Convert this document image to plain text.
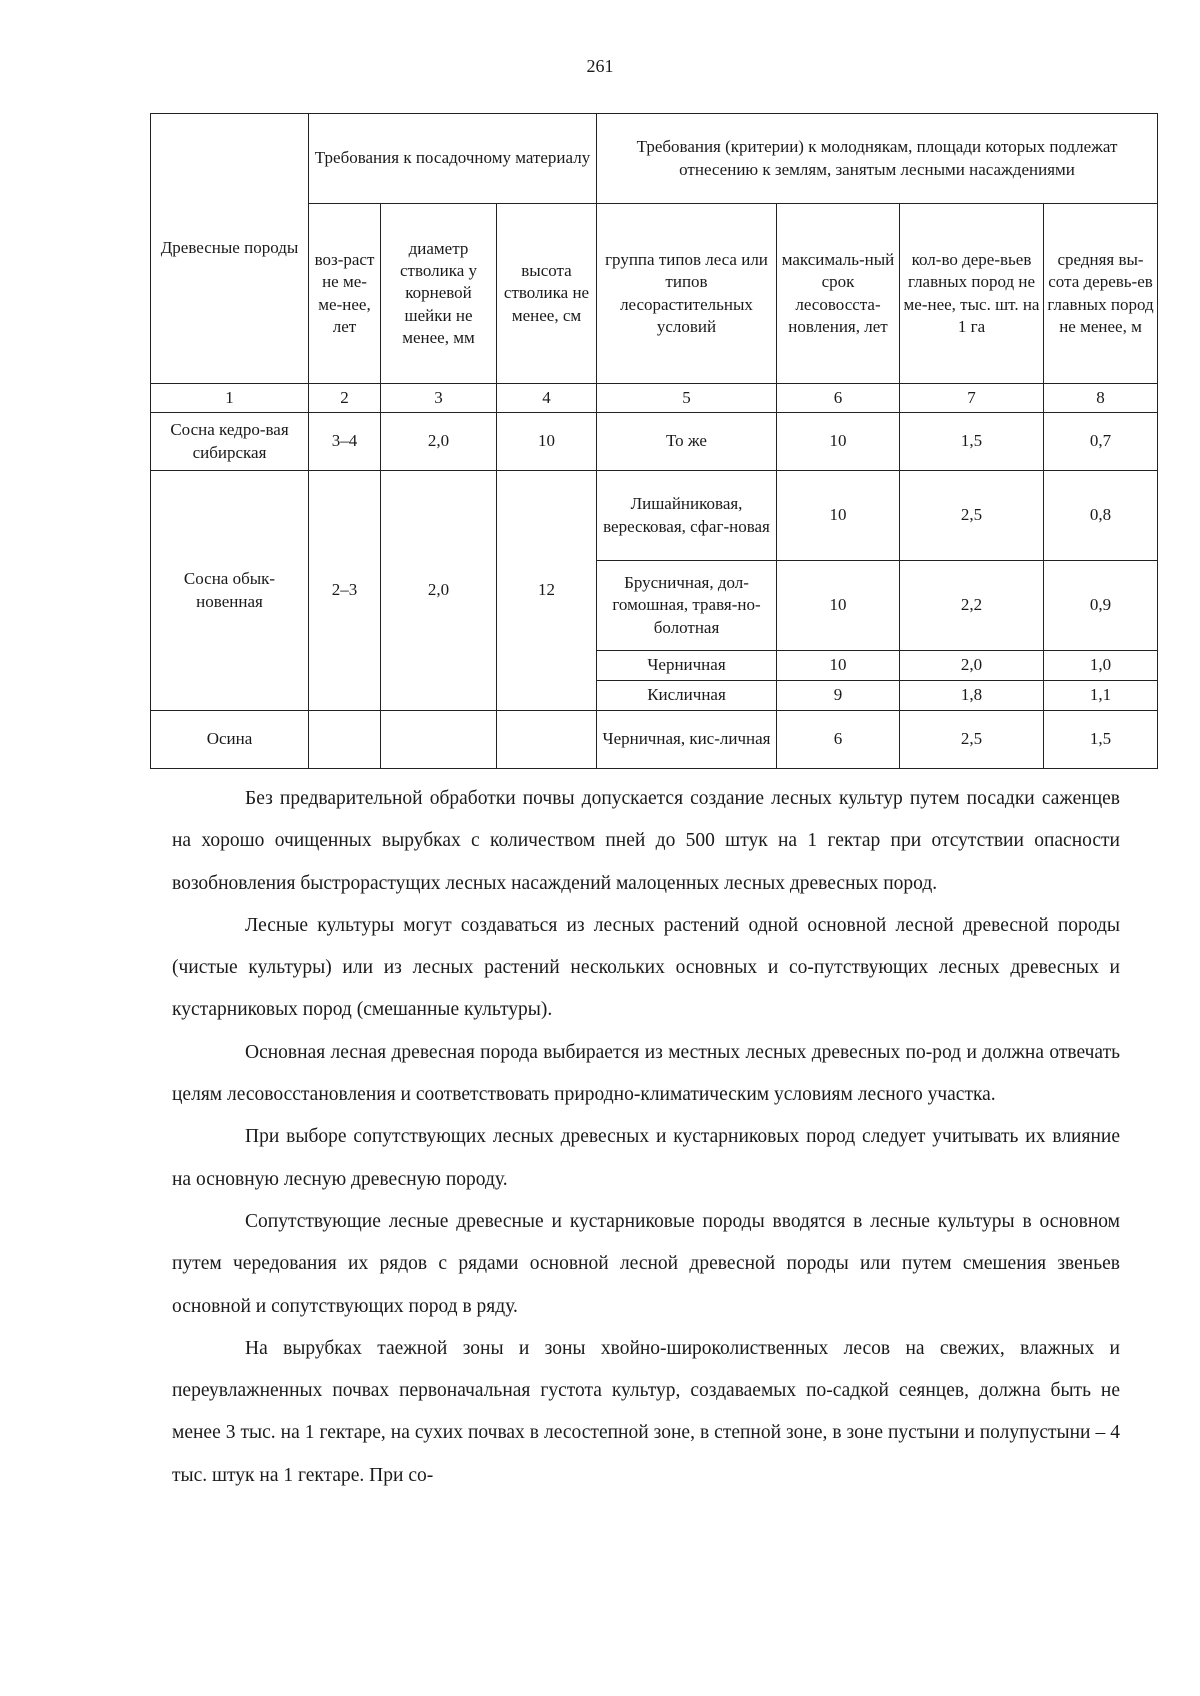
261
Древесные породы	Требования к посадочному материалу			Требования (критерии) к молоднякам, площади которых подлежат отнесению к землям, занятым лесными насаждениями			
	воз-раст не ме-ме-нее, лет	диаметр стволика у корневой шейки не менее, мм	высота стволика не менее, см	группа типов леса или типов лесорастительных условий	максималь-ный срок лесовосста-новления, лет	кол-во дере-вьев главных пород не ме-нее, тыс. шт. на 1 га	средняя вы-сота деревь-ев главных пород не менее, м
1	2	3	4	5	6	7	8
Сосна кедро-вая сибирская	3–4	2,0	10	То же	10	1,5	0,7
Сосна обык-новенная	2–3	2,0	12	Лишайниковая, вересковая, сфаг-новая	10	2,5	0,8
				Брусничная, дол-гомошная, травя-но-болотная	10	2,2	0,9
				Черничная	10	2,0	1,0
				Кисличная	9	1,8	1,1
Осина				Черничная, кис-личная	6	2,5	1,5

Без предварительной обработки почвы допускается создание лесных культур путем посадки саженцев на хорошо очищенных вырубках с количеством пней до 500 штук на 1 гектар при отсутствии опасности возобновления быстрорастущих лесных насаждений малоценных лесных древесных пород.

Лесные культуры могут создаваться из лесных растений одной основной лесной древесной породы (чистые культуры) или из лесных растений нескольких основных и со-путствующих лесных древесных и кустарниковых пород (смешанные культуры).

Основная лесная древесная порода выбирается из местных лесных древесных по-род и должна отвечать целям лесовосстановления и соответствовать природно-климатическим условиям лесного участка.

При выборе сопутствующих лесных древесных и кустарниковых пород следует учитывать их влияние на основную лесную древесную породу.

Сопутствующие лесные древесные и кустарниковые породы вводятся в лесные культуры в основном путем чередования их рядов с рядами основной лесной древесной породы или путем смешения звеньев основной и сопутствующих пород в ряду.

На вырубках таежной зоны и зоны хвойно-широколиственных лесов на свежих, влажных и переувлажненных почвах первоначальная густота культур, создаваемых по-садкой сеянцев, должна быть не менее 3 тыс. на 1 гектаре, на сухих почвах в лесостепной зоне, в степной зоне, в зоне пустыни и полупустыни – 4 тыс. штук на 1 гектаре. При со-
